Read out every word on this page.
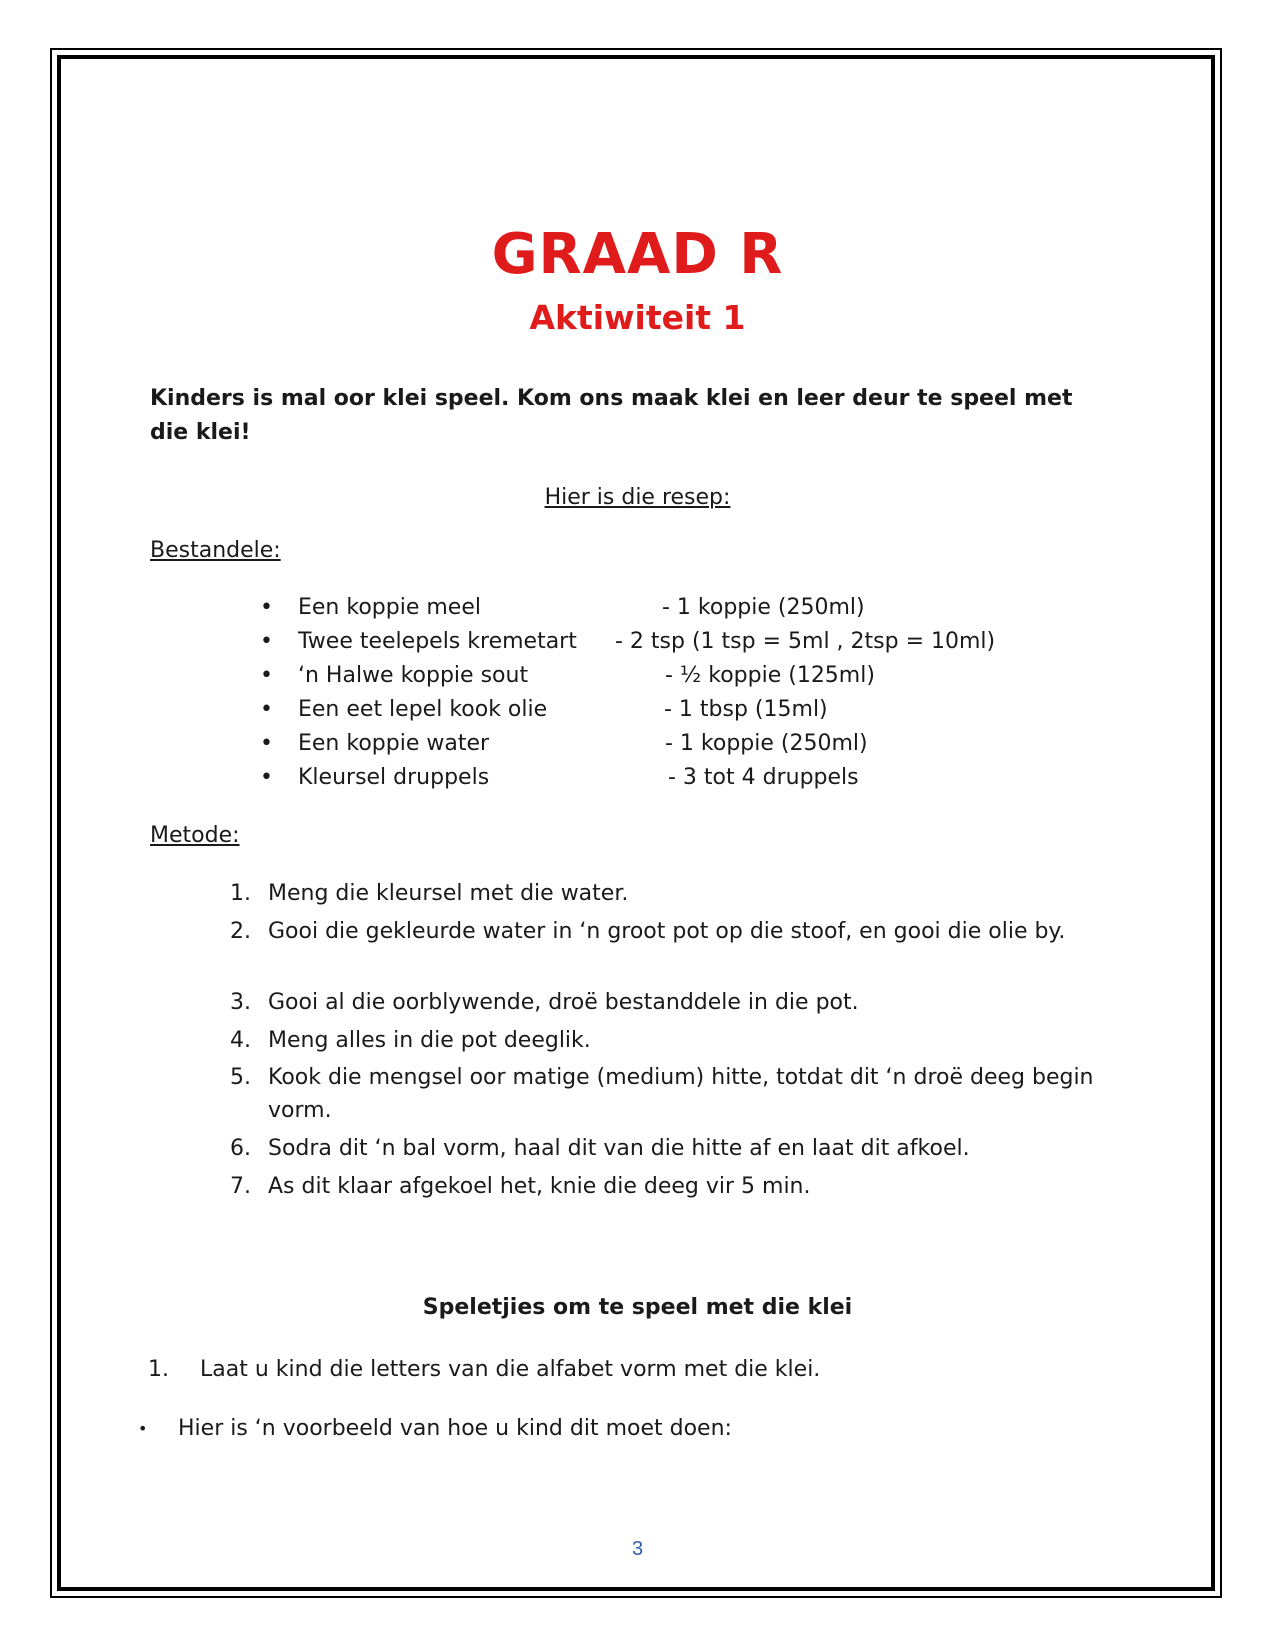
GRAAD R
Aktiwiteit 1
Kinders is mal oor klei speel. Kom ons maak klei en leer deur te speel met die klei!
Hier is die resep:
Bestandele:
• Een koppie meel	- 1 koppie (250ml)
• Twee teelepels kremetart - 2 tsp (1 tsp = 5ml , 2tsp = 10ml)
• ‘n Halwe koppie sout	- ½ koppie (125ml)
• Een eet lepel kook olie	- 1 tbsp (15ml)
• Een koppie water	- 1 koppie (250ml)
• Kleursel druppels	- 3 tot 4 druppels
Metode:
1. Meng die kleursel met die water.
2. Gooi die gekleurde water in ‘n groot pot op die stoof, en gooi die olie by.
3. Gooi al die oorblywende, droë bestanddele in die pot.
4. Meng alles in die pot deeglik.
5. Kook die mengsel oor matige (medium) hitte, totdat dit ‘n droë deeg begin vorm.
6. Sodra dit ‘n bal vorm, haal dit van die hitte af en laat dit afkoel.
7. As dit klaar afgekoel het, knie die deeg vir 5 min.
Speletjies om te speel met die klei
1. Laat u kind die letters van die alfabet vorm met die klei.
• Hier is ‘n voorbeeld van hoe u kind dit moet doen:
3
